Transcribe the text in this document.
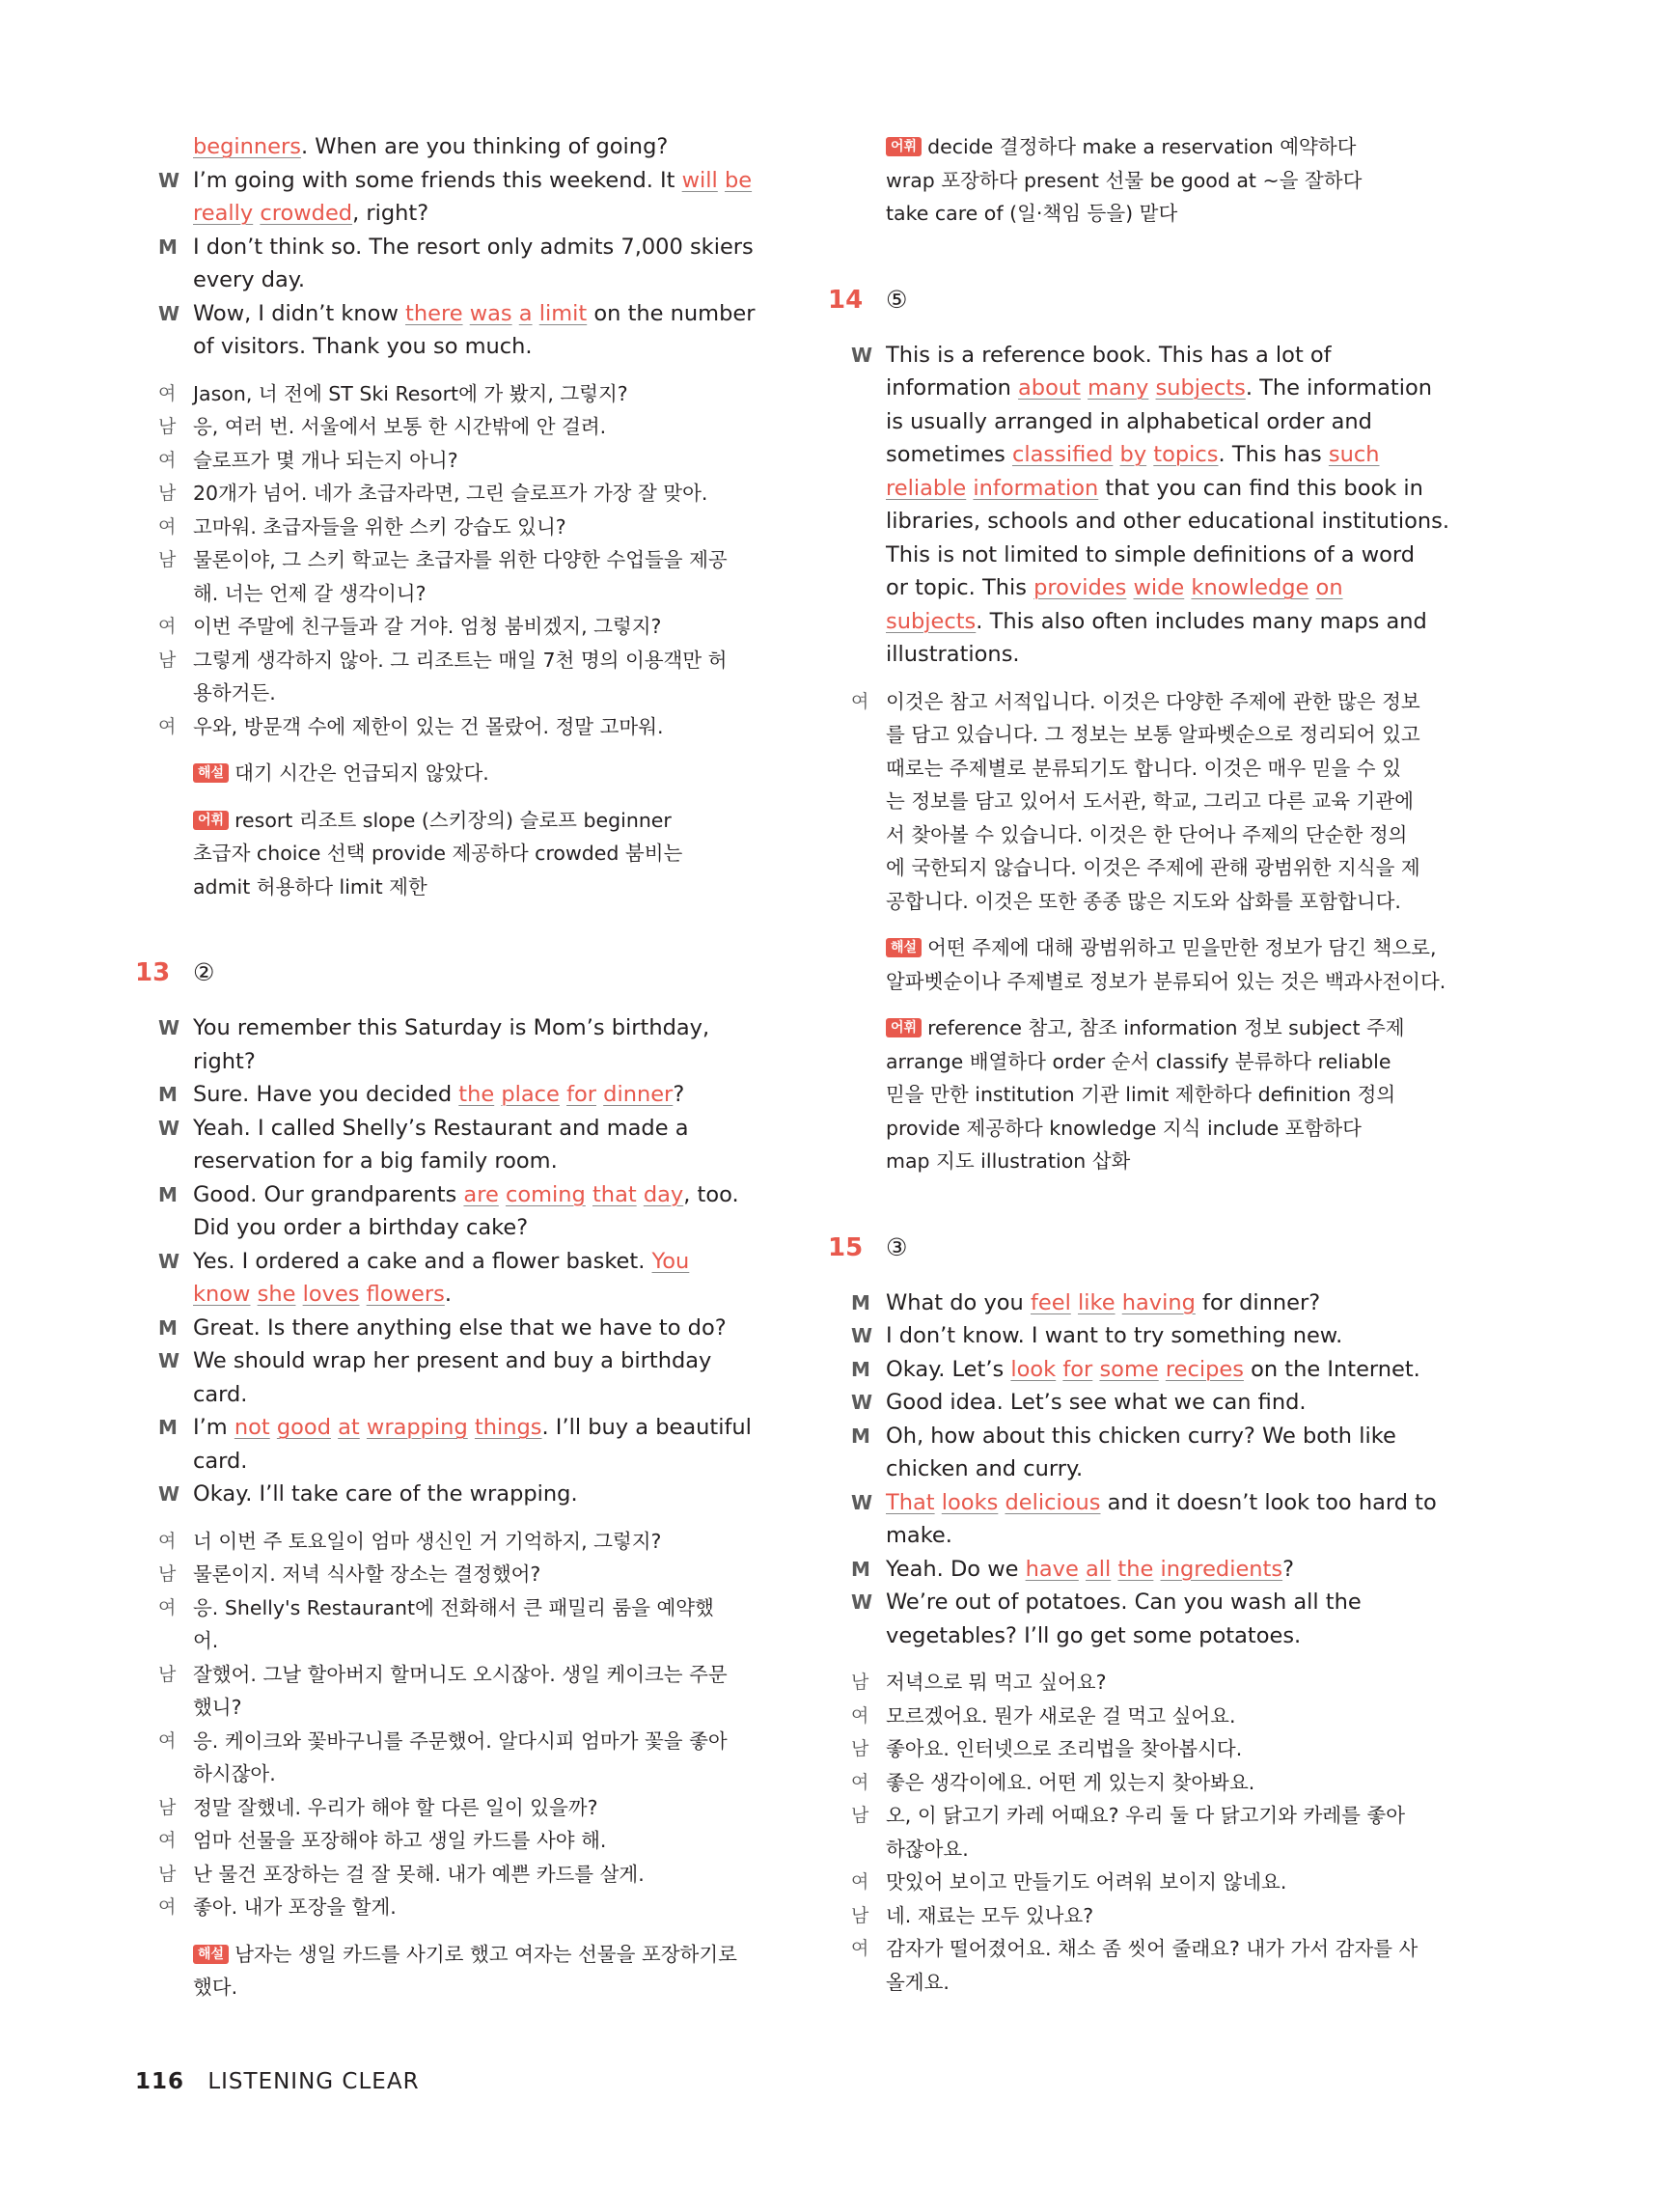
beginners. When are you thinking of going?
W I’m going with some friends this weekend. It will be
really crowded, right?
M I don’t think so. The resort only admits 7,000 skiers
every day.
W Wow, I didn’t know there was a limit on the number
of visitors. Thank you so much.
여 Jason, 너 전에 ST Ski Resort에 가 봤지, 그렇지?
남 응, 여러 번. 서울에서 보통 한 시간밖에 안 걸려.
여 슬로프가 몇 개나 되는지 아니?
남 20개가 넘어. 네가 초급자라면, 그린 슬로프가 가장 잘 맞아.
여 고마워. 초급자들을 위한 스키 강습도 있니?
남 물론이야, 그 스키 학교는 초급자를 위한 다양한 수업들을 제공
해. 너는 언제 갈 생각이니?
여 이번 주말에 친구들과 갈 거야. 엄청 붐비겠지, 그렇지?
남 그렇게 생각하지 않아. 그 리조트는 매일 7천 명의 이용객만 허
용하거든.
여 우와, 방문객 수에 제한이 있는 건 몰랐어. 정말 고마워.
해설 대기 시간은 언급되지 않았다.
어휘 resort 리조트 slope (스키장의) 슬로프 beginner
초급자 choice 선택 provide 제공하다 crowded 붐비는
admit 허용하다 limit 제한
13 ②
W You remember this Saturday is Mom’s birthday,
right?
M Sure. Have you decided the place for dinner?
W Yeah. I called Shelly’s Restaurant and made a
reservation for a big family room.
M Good. Our grandparents are coming that day, too.
Did you order a birthday cake?
W Yes. I ordered a cake and a flower basket. You
know she loves flowers.
M Great. Is there anything else that we have to do?
W We should wrap her present and buy a birthday
card.
M I’m not good at wrapping things. I’ll buy a beautiful
card.
W Okay. I’ll take care of the wrapping.
여 너 이번 주 토요일이 엄마 생신인 거 기억하지, 그렇지?
남 물론이지. 저녁 식사할 장소는 결정했어?
여 응. Shelly's Restaurant에 전화해서 큰 패밀리 룸을 예약했
어.
남 잘했어. 그날 할아버지 할머니도 오시잖아. 생일 케이크는 주문
했니?
여 응. 케이크와 꽃바구니를 주문했어. 알다시피 엄마가 꽃을 좋아
하시잖아.
남 정말 잘했네. 우리가 해야 할 다른 일이 있을까?
여 엄마 선물을 포장해야 하고 생일 카드를 사야 해.
남 난 물건 포장하는 걸 잘 못해. 내가 예쁜 카드를 살게.
여 좋아. 내가 포장을 할게.
해설 남자는 생일 카드를 사기로 했고 여자는 선물을 포장하기로
했다.
어휘 decide 결정하다 make a reservation 예약하다
wrap 포장하다 present 선물 be good at ~을 잘하다
take care of (일·책임 등을) 맡다
14 ⑤
W This is a reference book. This has a lot of
information about many subjects. The information
is usually arranged in alphabetical order and
sometimes classified by topics. This has such
reliable information that you can find this book in
libraries, schools and other educational institutions.
This is not limited to simple definitions of a word
or topic. This provides wide knowledge on
subjects. This also often includes many maps and
illustrations.
여 이것은 참고 서적입니다. 이것은 다양한 주제에 관한 많은 정보
를 담고 있습니다. 그 정보는 보통 알파벳순으로 정리되어 있고
때로는 주제별로 분류되기도 합니다. 이것은 매우 믿을 수 있
는 정보를 담고 있어서 도서관, 학교, 그리고 다른 교육 기관에
서 찾아볼 수 있습니다. 이것은 한 단어나 주제의 단순한 정의
에 국한되지 않습니다. 이것은 주제에 관해 광범위한 지식을 제
공합니다. 이것은 또한 종종 많은 지도와 삽화를 포함합니다.
해설 어떤 주제에 대해 광범위하고 믿을만한 정보가 담긴 책으로,
알파벳순이나 주제별로 정보가 분류되어 있는 것은 백과사전이다.
어휘 reference 참고, 참조 information 정보 subject 주제
arrange 배열하다 order 순서 classify 분류하다 reliable
믿을 만한 institution 기관 limit 제한하다 definition 정의
provide 제공하다 knowledge 지식 include 포함하다
map 지도 illustration 삽화
15 ③
M What do you feel like having for dinner?
W I don’t know. I want to try something new.
M Okay. Let’s look for some recipes on the Internet.
W Good idea. Let’s see what we can find.
M Oh, how about this chicken curry? We both like
chicken and curry.
W That looks delicious and it doesn’t look too hard to
make.
M Yeah. Do we have all the ingredients?
W We’re out of potatoes. Can you wash all the
vegetables? I’ll go get some potatoes.
남 저녁으로 뭐 먹고 싶어요?
여 모르겠어요. 뭔가 새로운 걸 먹고 싶어요.
남 좋아요. 인터넷으로 조리법을 찾아봅시다.
여 좋은 생각이에요. 어떤 게 있는지 찾아봐요.
남 오, 이 닭고기 카레 어때요? 우리 둘 다 닭고기와 카레를 좋아
하잖아요.
여 맛있어 보이고 만들기도 어려워 보이지 않네요.
남 네. 재료는 모두 있나요?
여 감자가 떨어졌어요. 채소 좀 씻어 줄래요? 내가 가서 감자를 사
올게요.
116 LISTENING CLEAR
